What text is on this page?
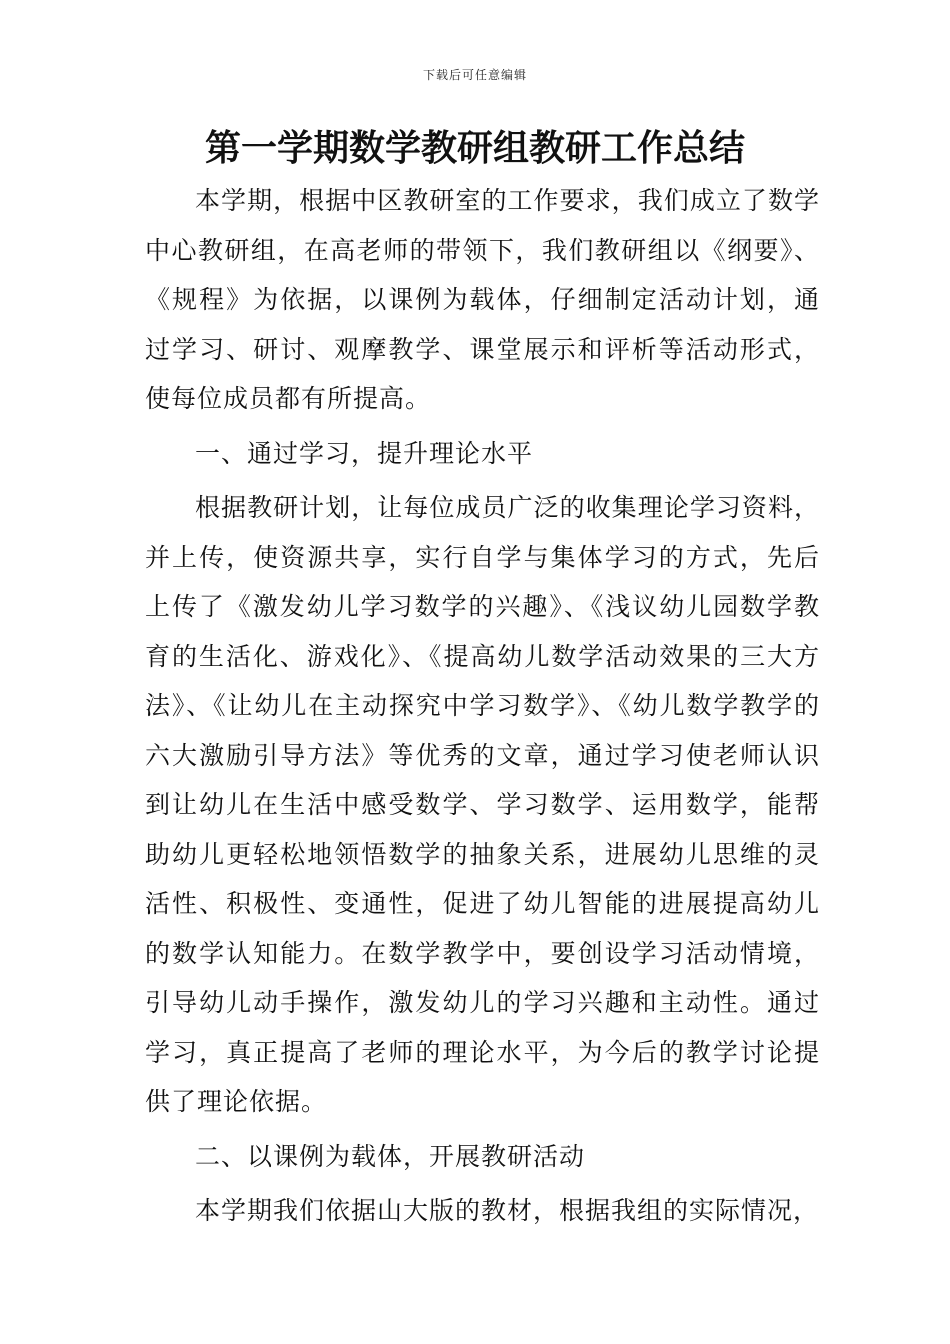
下载后可任意编辑
第一学期数学教研组教研工作总结

本学期，根据中区教研室的工作要求，我们成立了数学中心教研组，在高老师的带领下，我们教研组以《纲要》、《规程》为依据，以课例为载体，仔细制定活动计划，通过学习、研讨、观摩教学、课堂展示和评析等活动形式，使每位成员都有所提高。

一、通过学习，提升理论水平

根据教研计划，让每位成员广泛的收集理论学习资料，并上传，使资源共享，实行自学与集体学习的方式，先后上传了《激发幼儿学习数学的兴趣》、《浅议幼儿园数学教育的生活化、游戏化》、《提高幼儿数学活动效果的三大方法》、《让幼儿在主动探究中学习数学》、《幼儿数学教学的六大激励引导方法》等优秀的文章，通过学习使老师认识到让幼儿在生活中感受数学、学习数学、运用数学，能帮助幼儿更轻松地领悟数学的抽象关系，进展幼儿思维的灵活性、积极性、变通性，促进了幼儿智能的进展提高幼儿的数学认知能力。在数学教学中，要创设学习活动情境，引导幼儿动手操作，激发幼儿的学习兴趣和主动性。通过学习，真正提高了老师的理论水平，为今后的教学讨论提供了理论依据。

二、以课例为载体，开展教研活动

本学期我们依据山大版的教材，根据我组的实际情况，
